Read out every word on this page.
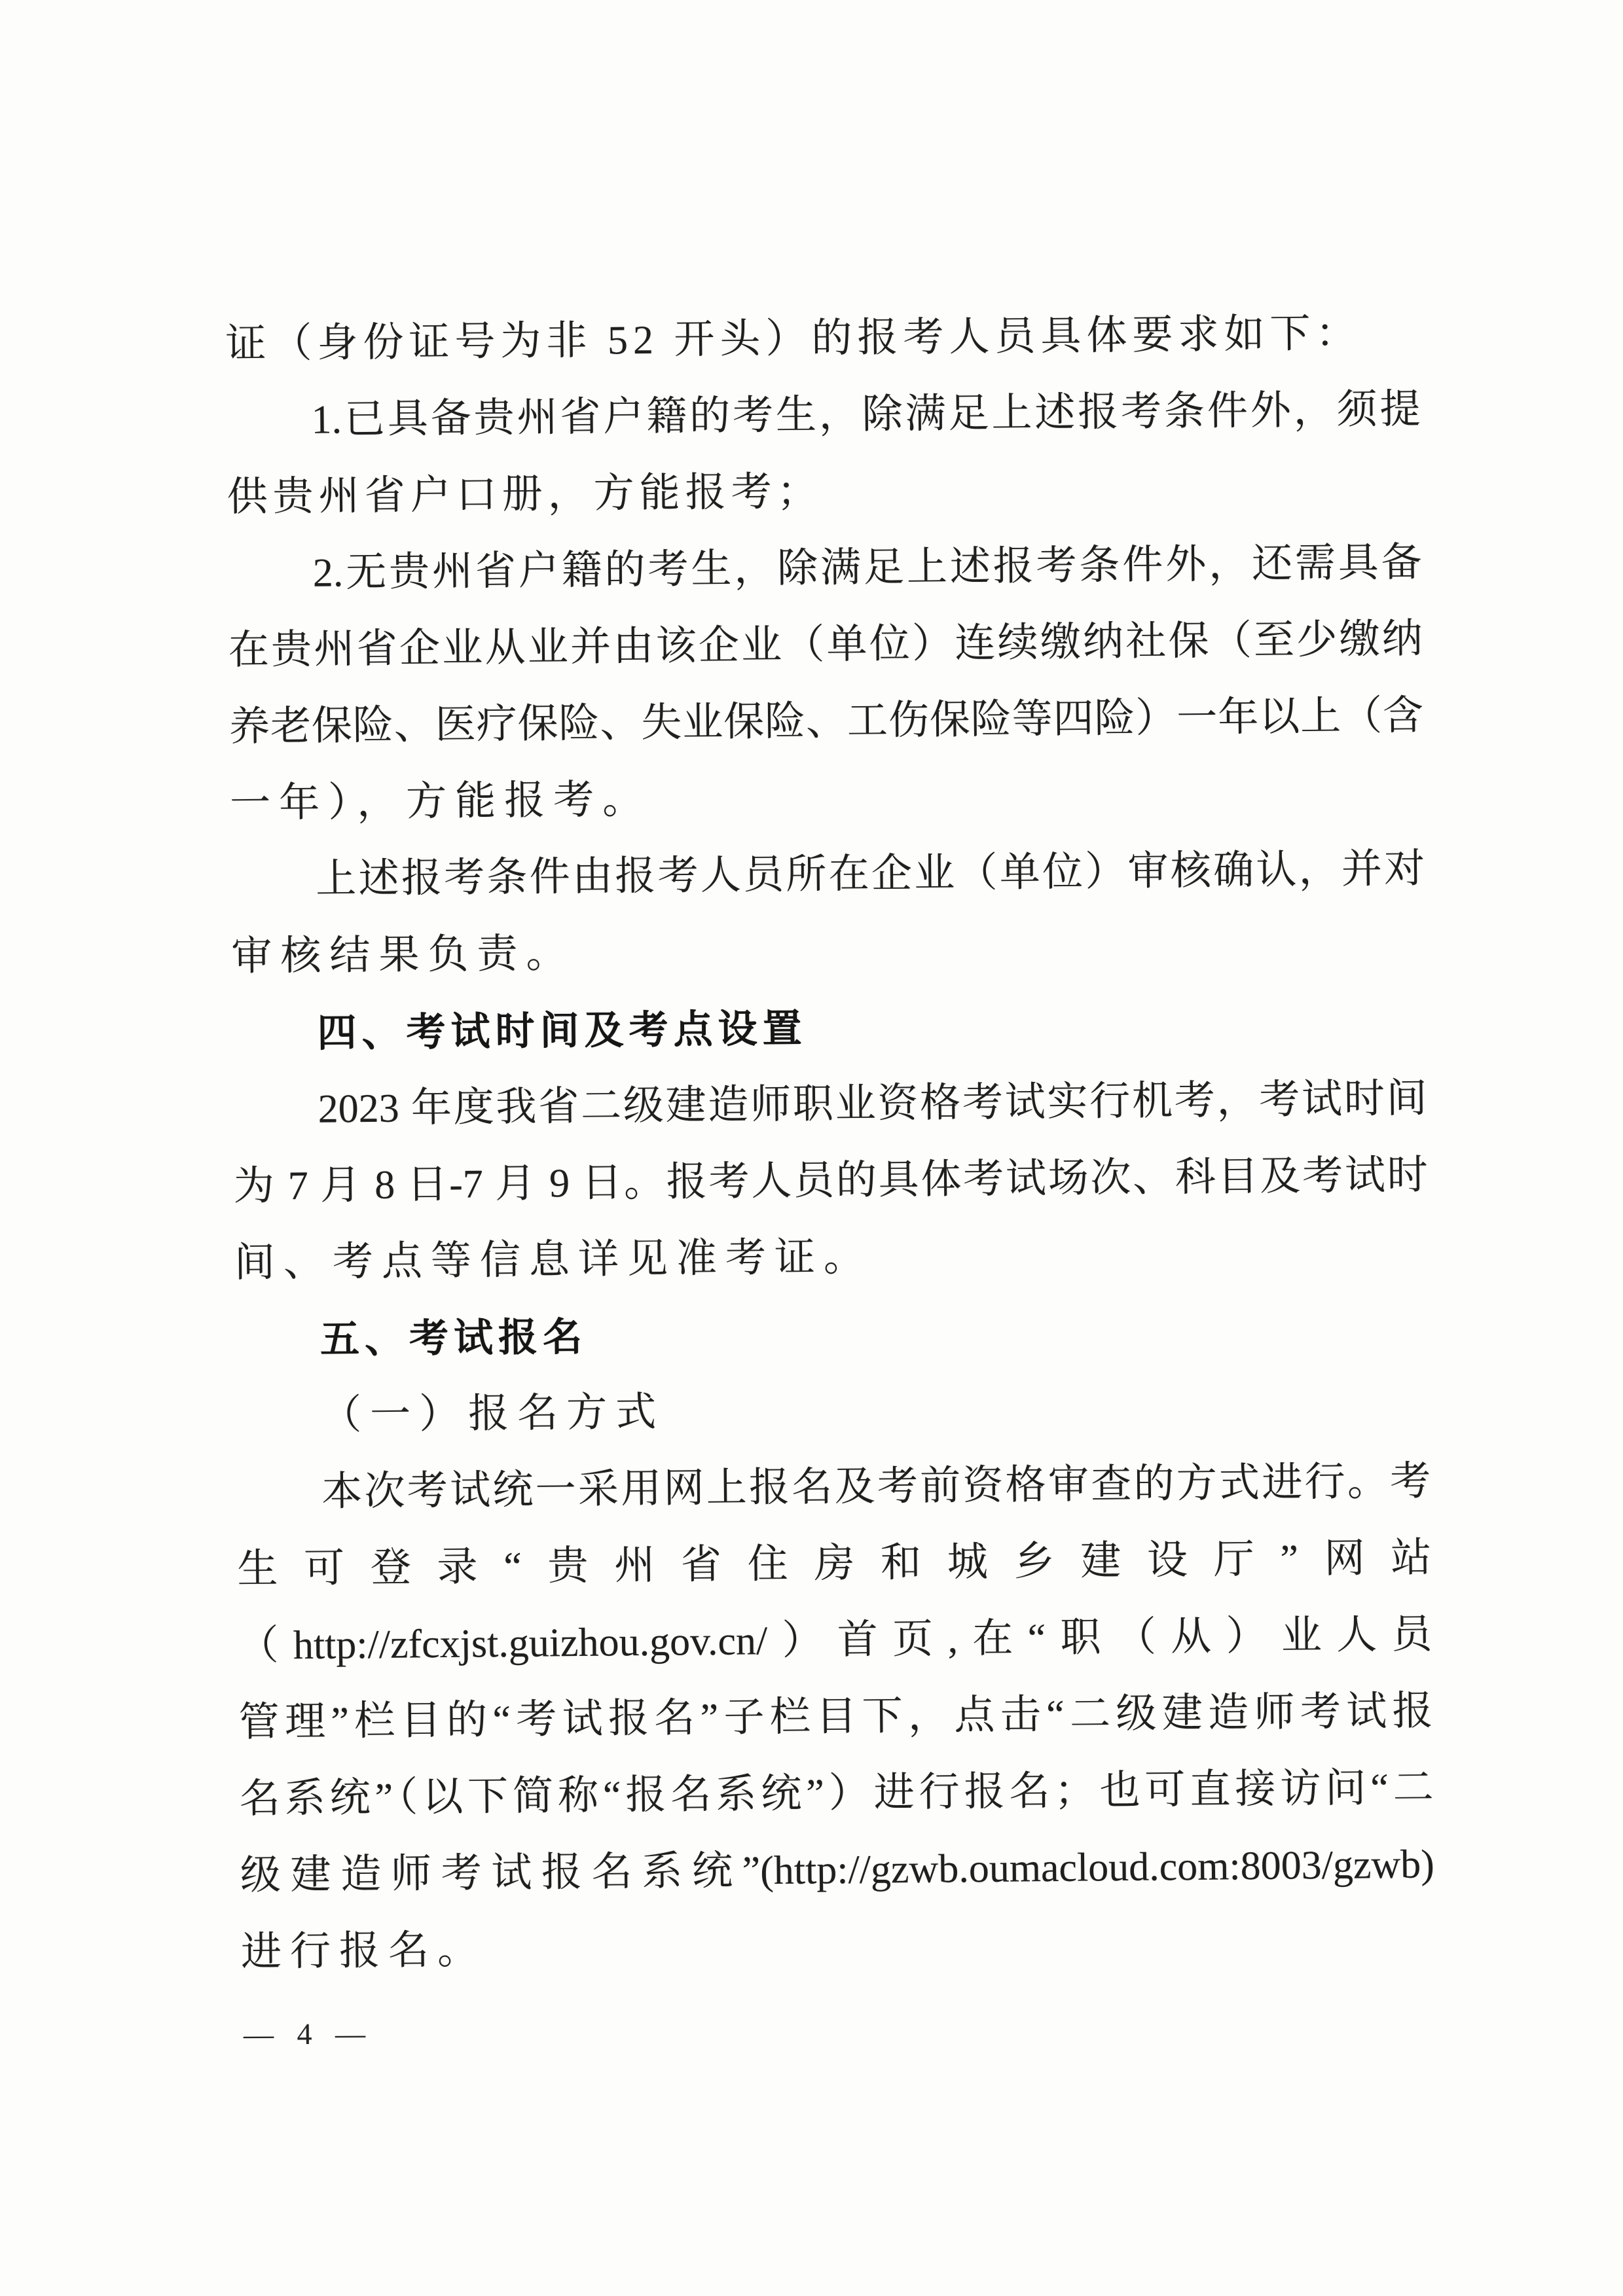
证（身份证号为非 52 开头）的报考人员具体要求如下：
1.已具备贵州省户籍的考生，除满足上述报考条件外，须提
供贵州省户口册，方能报考；
2.无贵州省户籍的考生，除满足上述报考条件外，还需具备
在贵州省企业从业并由该企业（单位）连续缴纳社保（至少缴纳
养老保险、医疗保险、失业保险、工伤保险等四险）一年以上（含
一年），方能报考。
上述报考条件由报考人员所在企业（单位）审核确认，并对
审核结果负责。
四、考试时间及考点设置
2023 年度我省二级建造师职业资格考试实行机考，考试时间
为 7 月 8 日-7 月 9 日。报考人员的具体考试场次、科目及考试时
间、考点等信息详见准考证。
五、考试报名
（一）报名方式
本次考试统一采用网上报名及考前资格审查的方式进行。考
生可登录“贵州省住房和城乡建设厅”网站
（http://zfcxjst.guizhou.gov.cn/）首页,在“职（从）业人员
管理”栏目的“考试报名”子栏目下，点击“二级建造师考试报
名系统”（以下简称“报名系统”）进行报名；也可直接访问“二
级建造师考试报名系统”(http://gzwb.oumacloud.com:8003/gzwb)
进行报名。
— 4 —
